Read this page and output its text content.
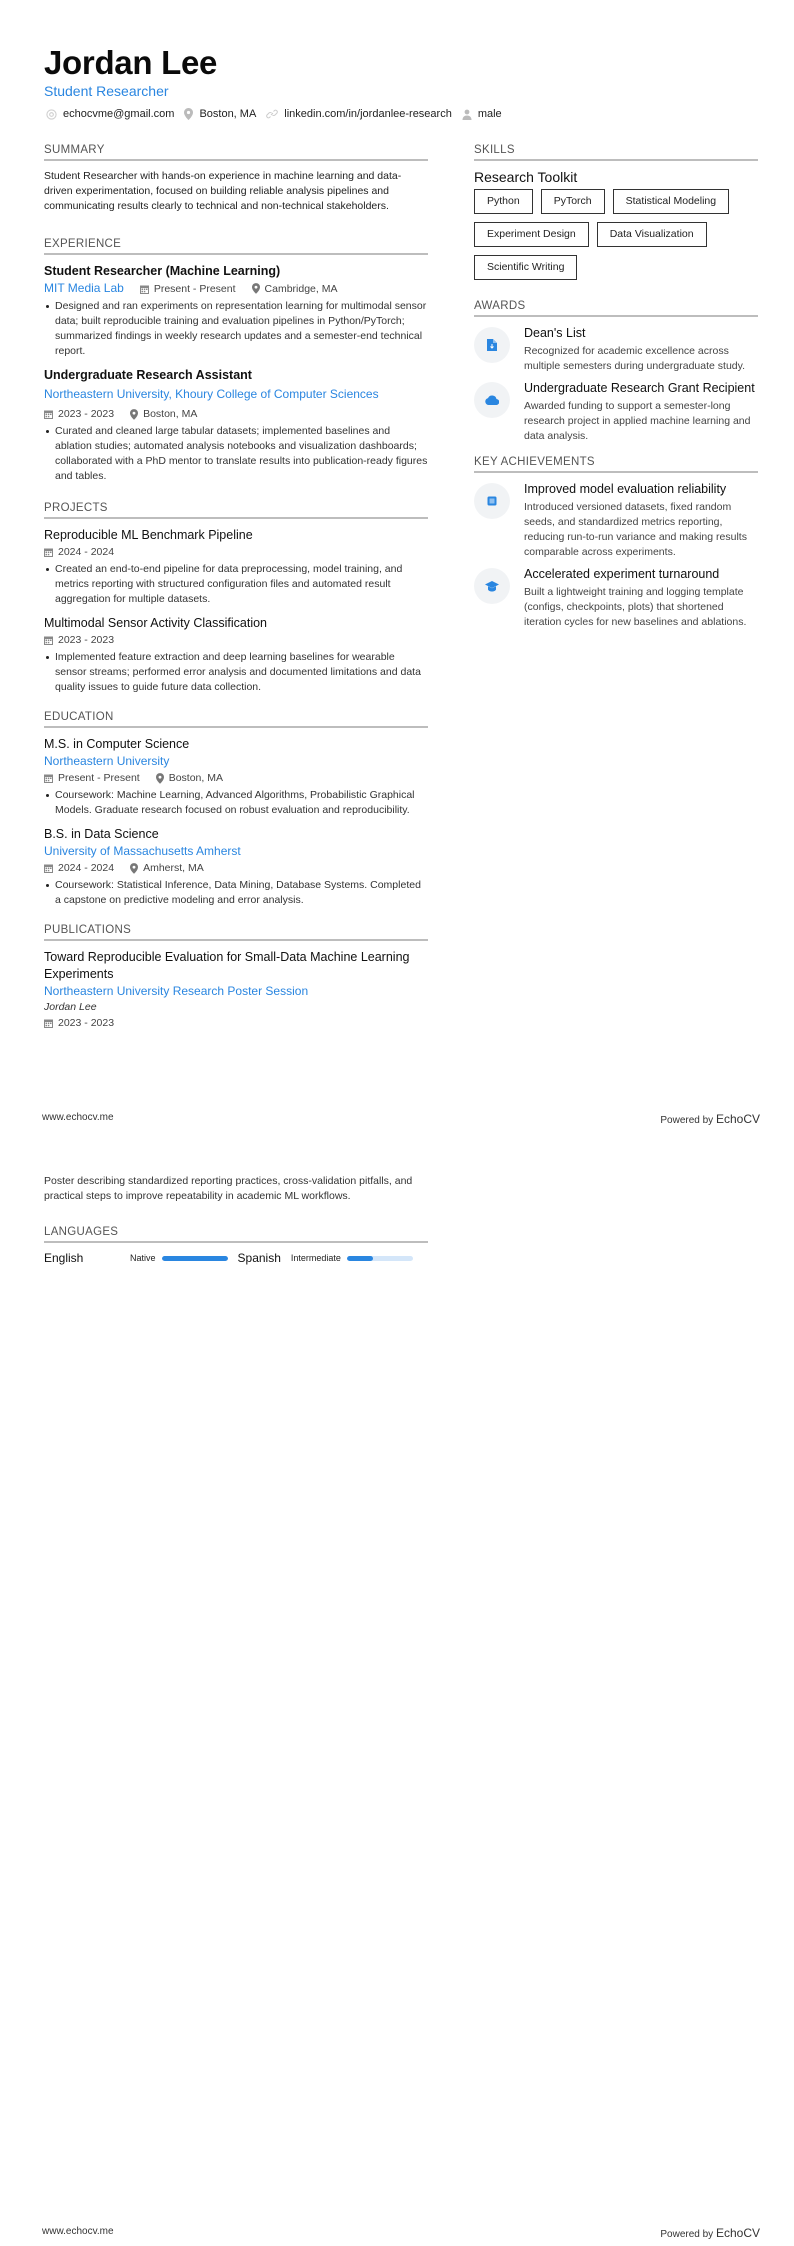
Jordan Lee
Student Researcher
echocvme@gmail.com Boston, MA	linkedin.com/in/jordanlee-research male
SUMMARY

Student Researcher with hands-on experience in machine learning and data-driven experimentation, focused on building reliable analysis pipelines and communicating results clearly to technical and non-technical stakeholders.

EXPERIENCE
Student Researcher (Machine Learning)
MIT Media Lab	Present - Present	Cambridge, MA
Designed and ran experiments on representation learning for multimodal sensor data; built reproducible training and evaluation pipelines in Python/PyTorch; summarized findings in weekly research updates and a semester-end technical report.
Undergraduate Research Assistant
Northeastern University, Khoury College of Computer Sciences
2023 - 2023	Boston, MA
Curated and cleaned large tabular datasets; implemented baselines and ablation studies; automated analysis notebooks and visualization dashboards; collaborated with a PhD mentor to translate results into publication-ready figures and tables.
PROJECTS
Reproducible ML Benchmark Pipeline
2024 - 2024
Created an end-to-end pipeline for data preprocessing, model training, and metrics reporting with structured configuration files and automated result aggregation for multiple datasets.
Multimodal Sensor Activity Classification
2023 - 2023
Implemented feature extraction and deep learning baselines for wearable sensor streams; performed error analysis and documented limitations and data quality issues to guide future data collection.
EDUCATION
M.S. in Computer Science
Northeastern University
Present - Present	Boston, MA
Coursework: Machine Learning, Advanced Algorithms, Probabilistic Graphical Models. Graduate research focused on robust evaluation and reproducibility.
B.S. in Data Science
University of Massachusetts Amherst
2024 - 2024	Amherst, MA
Coursework: Statistical Inference, Data Mining, Database Systems. Completed a capstone on predictive modeling and error analysis.
PUBLICATIONS
Toward Reproducible Evaluation for Small-Data Machine Learning Experiments
Northeastern University Research Poster Session
Jordan Lee
2023 - 2023
SKILLS
Research Toolkit
Python	PyTorch	Statistical Modeling
Experiment Design	Data Visualization
Scientific Writing
AWARDS
Dean's List
Recognized for academic excellence across multiple semesters during undergraduate study.
Undergraduate Research Grant Recipient
Awarded funding to support a semester-long research project in applied machine learning and data analysis.
KEY ACHIEVEMENTS
Improved model evaluation reliability
Introduced versioned datasets, fixed random seeds, and standardized metrics reporting, reducing run-to-run variance and making results comparable across experiments.
Accelerated experiment turnaround
Built a lightweight training and logging template (configs, checkpoints, plots) that shortened iteration cycles for new baselines and ablations.
www.echocv.me	Powered by EchoCV

Poster describing standardized reporting practices, cross-validation pitfalls, and practical steps to improve repeatability in academic ML workflows.

LANGUAGES
English	Native	Spanish Intermediate
www.echocv.me	Powered by EchoCV
